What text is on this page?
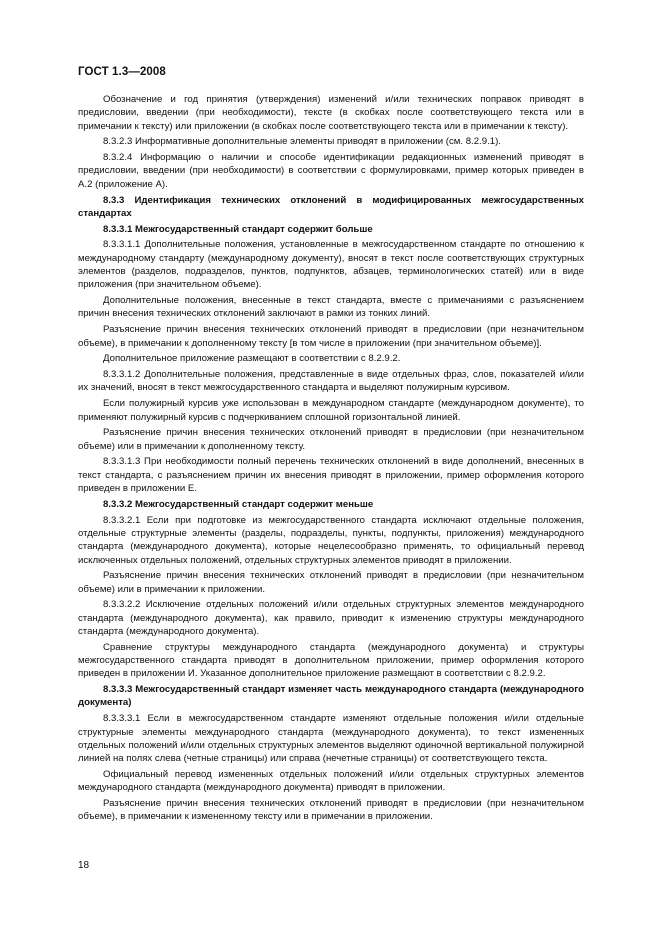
ГОСТ 1.3—2008

Обозначение и год принятия (утверждения) изменений и/или технических поправок приводят в предисловии, введении (при необходимости), тексте (в скобках после соответствующего текста или в примечании к тексту) или приложении (в скобках после соответствующего текста или в примечании к тексту).

8.3.2.3 Информативные дополнительные элементы приводят в приложении (см. 8.2.9.1).

8.3.2.4 Информацию о наличии и способе идентификации редакционных изменений приводят в предисловии, введении (при необходимости) в соответствии с формулировками, пример которых приведен в А.2 (приложение А).

8.3.3 Идентификация технических отклонений в модифицированных межгосударственных стандартах

8.3.3.1 Межгосударственный стандарт содержит больше

8.3.3.1.1 Дополнительные положения, установленные в межгосударственном стандарте по отношению к международному стандарту (международному документу), вносят в текст после соответствующих структурных элементов (разделов, подразделов, пунктов, подпунктов, абзацев, терминологических статей) или в виде приложения (при значительном объеме).

Дополнительные положения, внесенные в текст стандарта, вместе с примечаниями с разъяснением причин внесения технических отклонений заключают в рамки из тонких линий.

Разъяснение причин внесения технических отклонений приводят в предисловии (при незначительном объеме), в примечании к дополненному тексту [в том числе в приложении (при значительном объеме)].

Дополнительное приложение размещают в соответствии с 8.2.9.2.

8.3.3.1.2 Дополнительные положения, представленные в виде отдельных фраз, слов, показателей и/или их значений, вносят в текст межгосударственного стандарта и выделяют полужирным курсивом.

Если полужирный курсив уже использован в международном стандарте (международном документе), то применяют полужирный курсив с подчеркиванием сплошной горизонтальной линией.

Разъяснение причин внесения технических отклонений приводят в предисловии (при незначительном объеме) или в примечании к дополненному тексту.

8.3.3.1.3 При необходимости полный перечень технических отклонений в виде дополнений, внесенных в текст стандарта, с разъяснением причин их внесения приводят в приложении, пример оформления которого приведен в приложении Е.

8.3.3.2 Межгосударственный стандарт содержит меньше

8.3.3.2.1 Если при подготовке из межгосударственного стандарта исключают отдельные положения, отдельные структурные элементы (разделы, подразделы, пункты, подпункты, приложения) международного стандарта (международного документа), которые нецелесообразно применять, то официальный перевод исключенных отдельных положений, отдельных структурных элементов приводят в приложении.

Разъяснение причин внесения технических отклонений приводят в предисловии (при незначительном объеме) или в примечании к приложении.

8.3.3.2.2 Исключение отдельных положений и/или отдельных структурных элементов международного стандарта (международного документа), как правило, приводит к изменению структуры международного стандарта (международного документа).

Сравнение структуры международного стандарта (международного документа) и структуры межгосударственного стандарта приводят в дополнительном приложении, пример оформления которого приведен в приложении И. Указанное дополнительное приложение размещают в соответствии с 8.2.9.2.

8.3.3.3 Межгосударственный стандарт изменяет часть международного стандарта (международного документа)

8.3.3.3.1 Если в межгосударственном стандарте изменяют отдельные положения и/или отдельные структурные элементы международного стандарта (международного документа), то текст измененных отдельных положений и/или отдельных структурных элементов выделяют одиночной вертикальной полужирной линией на полях слева (четные страницы) или справа (нечетные страницы) от соответствующего текста.

Официальный перевод измененных отдельных положений и/или отдельных структурных элементов международного стандарта (международного документа) приводят в приложении.

Разъяснение причин внесения технических отклонений приводят в предисловии (при незначительном объеме), в примечании к измененному тексту или в примечании в приложении.

18
